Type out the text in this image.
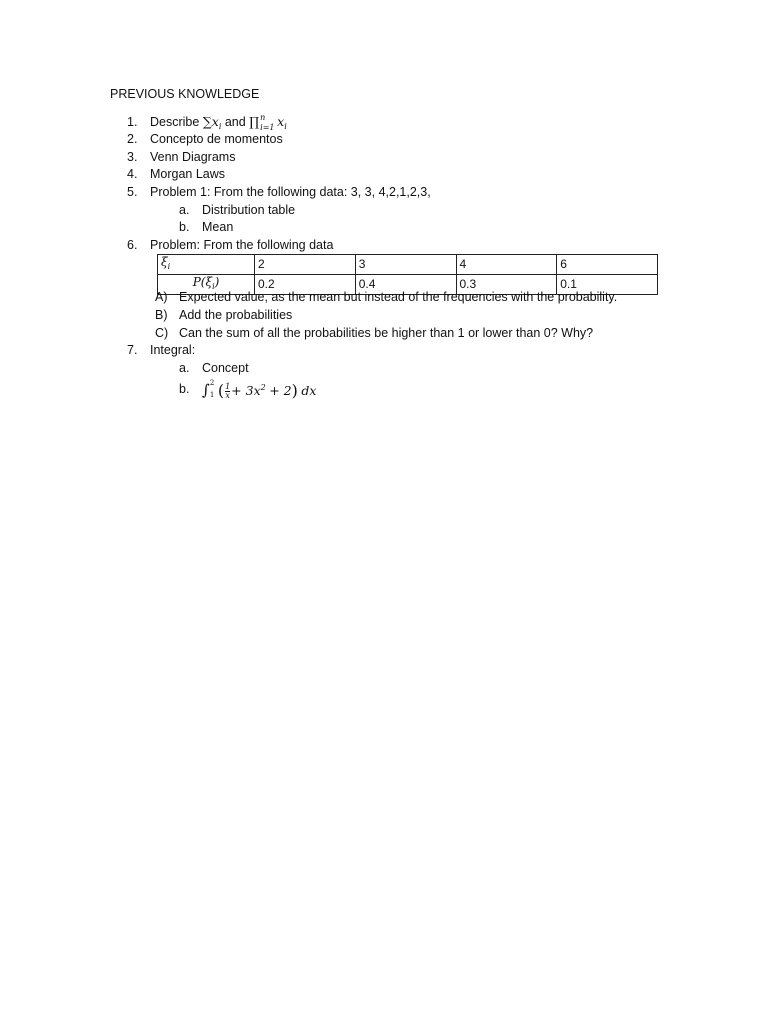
PREVIOUS KNOWLEDGE
1. Describe $\sum x_i$ and ∏ n
i=1 $x_i$
2. Concepto de momentos
3. Venn Diagrams
4. Morgan Laws
5. Problem 1: From the following data: 3, 3, 4,2,1,2,3,
a. Distribution table
b. Mean
6. Problem: From the following data
$\xi_i$	2	3	4	6
$P(\xi_i)$	0.2	0.4	0.3	0.1
A) Expected value, as the mean but instead of the frequencies with the probability.
B) Add the probabilities
C) Can the sum of all the probabilities be higher than 1 or lower than 0? Why?
7. Integral:
a. Concept
b. ∫ 2
1 ( $\frac{1}{x} + 3x^2 + 2$) dx
